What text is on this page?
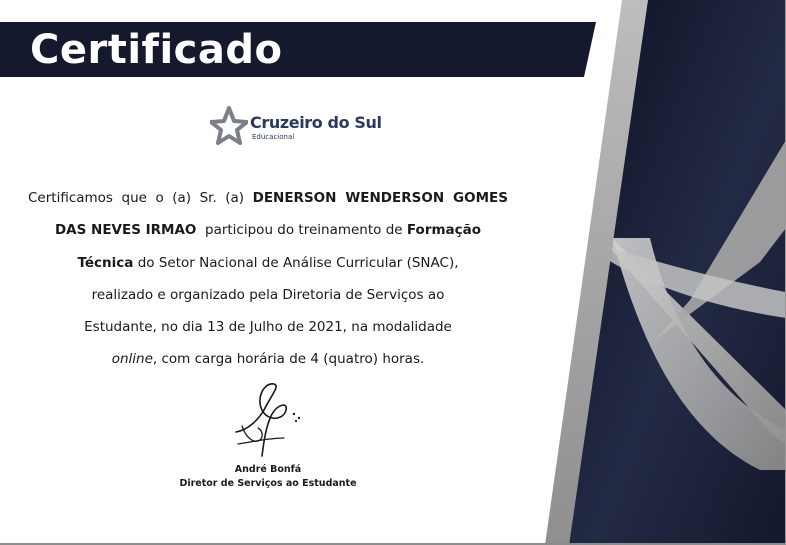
Certificado
Cruzeiro do Sul
Educacional

Certificamos que o (a) Sr. (a) DENERSON WENDERSON GOMES
DAS NEVES IRMAO participou do treinamento de Formação
Técnica do Setor Nacional de Análise Curricular (SNAC),
realizado e organizado pela Diretoria de Serviços ao
Estudante, no dia 13 de Julho de 2021, na modalidade
online, com carga horária de 4 (quatro) horas.

André Bonfá
Diretor de Serviços ao Estudante
